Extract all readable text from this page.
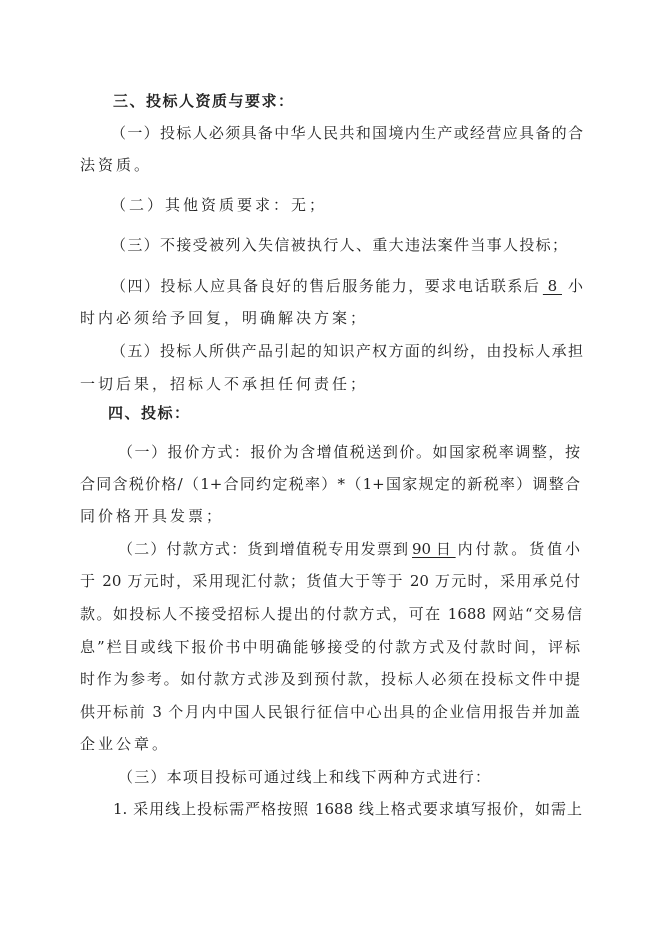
三、投标人资质与要求：
（一）投标人必须具备中华人民共和国境内生产或经营应具备的合
法资质。
（二）其他资质要求：无；
（三）不接受被列入失信被执行人、重大违法案件当事人投标；
（四）投标人应具备良好的售后服务能力，要求电话联系后 8 小
时内必须给予回复，明确解决方案；
（五）投标人所供产品引起的知识产权方面的纠纷，由投标人承担
一切后果，招标人不承担任何责任；
四、投标：
（一）报价方式：报价为含增值税送到价。如国家税率调整，按
合同含税价格/（1+合同约定税率）*（1+国家规定的新税率）调整合
同价格开具发票；
（二）付款方式：货到增值税专用发票到 90 日 内付款。货值小
于 20 万元时，采用现汇付款；货值大于等于 20 万元时，采用承兑付
款。如投标人不接受招标人提出的付款方式，可在 1688 网站“交易信
息”栏目或线下报价书中明确能够接受的付款方式及付款时间，评标
时作为参考。如付款方式涉及到预付款，投标人必须在投标文件中提
供开标前 3 个月内中国人民银行征信中心出具的企业信用报告并加盖
企业公章。
（三）本项目投标可通过线上和线下两种方式进行：
1. 采用线上投标需严格按照 1688 线上格式要求填写报价，如需上
